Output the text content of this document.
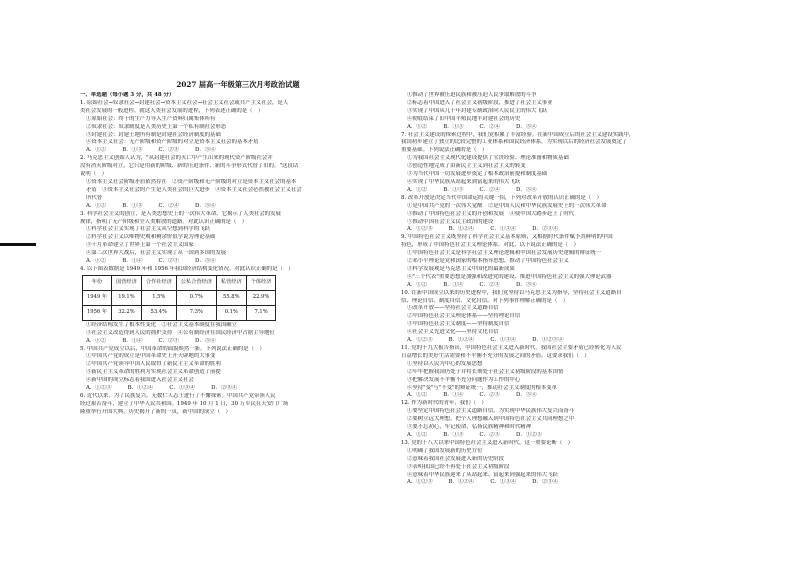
2027 届高一年级第三次月考政治试题
一、单选题（每小题 3 分，共 48 分）
1. 原始社会→奴隶社会→封建社会→资本主义社会→社会主义社会或共产主义社会，是人
类社会发展的一般进程。就这人类社会发展的进程，下列表述正确的是（　）
①原始社会：终于的生产力导入生产资料归属集体所有
②奴隶社会：奴隶制度是人类历史上第一个私有制社会形态
③封建社会：封建土地所有制是封建社会经济制度的基础
④资本主义社会：无产阶级和资产阶级的对立是资本主义社会的基本矛盾
A．①②　　　B．①③　　　C．②③　　　D．③④
2. 马克思主义创始人认为，"从封建社会的灭亡中产生出来的现代资产阶级社会并
没有消灭阶级对立。它只是用新的阶级、新的压迫条件、新的斗争形式代替了旧的。"这段话
说明（　）
①资本主义社会阶级矛盾依然存在　②资产阶级和无产阶级的对立是资本主义社会的基本
矛盾　③资本主义社会的产生是人类社会的巨大进步　④资本主义社会必然被社会主义社会
所代替
A．①②　　　B．①③　　　C．②④　　　D．③④
3. 科学社会主义的创立，是人类思想史上的一次伟大革命。它揭示了人类社会的发展
规律，指明了无产阶级和全人类解放的道路。对此认识正确的是（　）
①科学社会主义实现了社会主义从空想到科学的飞跃
②科学社会主义以唯物史观和剩余价值学说为理论基础
③十月革命建立了世界上第一个社会主义国家
④第二次世界大战后，社会主义实现了从一国到多国的发展
A．①②　　　B．①④　　　C．②③　　　D．③④
4. 以下图表数据是 1949 年和 1956 年我国经济结构变化情况。对此认识正确的是（　）
年份	国营经济	合作社经济	公私合营经济	私营经济	个体经济
1949 年	19.1%	1.5%	0.7%	55.8%	22.9%
1956 年	32.2%	53.4%	7.3%	0.1%	7.1%
①经济结构发生了根本性变化　②社会主义基本制度在我国确立
③社会主义改造得到人民的拥护支持　④公有制经济在国民经济中占据主导地位
A．①②　　　B．①④　　　C．②③　　　D．③④
5. 中国共产党成立以后，中国革命的面貌焕然一新。下列说法正确的是（　）
①中国共产党的成立是中国革命史上开天辟地的大事变
②中国共产党领导中国人民取得了新民主主义革命的胜利
③新民主主义革命的胜利为实现社会主义革命创造了前提
④新中国的成立标志着我国进入社会主义社会
A．①②③　　　B．①②④　　　C．①③④　　　D．②③④
6. 近代以来，为了民族复兴，无数仁人志士进行了不懈探索。中国共产党带领人民
经过艰苦奋斗，建立了中华人民共和国。1949 年 10 月 1 日，30 万军民在天安门广场
隆重举行开国大典，历史揭开了新的一页，新中国的成立（　）
①推动了世界被压迫民族和被压迫人民争取解放的斗争
②标志着中国进入了社会主义初级阶段，推进了社会主义事业
③实现了中国从几千年封建专制政治向人民民主的伟大飞跃
④彻底结束了旧中国半殖民地半封建社会的历史
A．①②　　　B．①③　　　C．②④　　　D．③④
7. 社会主义建设的探索过程中，我们党积累了丰富经验。在新中国成立后的社会主义建设实践中，
我国初步建立了独立的比较完整的工业体系和国民经济体系，为实现以后的经济社会发展奠定了
重要基础。下列说法正确的是（　）
①为我国社会主义现代化建设提供了宝贵经验、理论准备和物质基础
②创造性地完成了由新民主主义到社会主义的转变
③为当代中国一切发展进步奠定了根本政治前提和制度基础
④实现了中华民族从站起来到富起来的伟大飞跃
A．①②　　　B．①③　　　C．②④　　　D．③④
8. 改革开放是决定当代中国命运的关键一招，下列对改革开放的认识正确的是（　）
①是中国共产党的一次伟大觉醒　②是中国人民和中华民族发展史上的一次伟大革命
③推动了中国特色社会主义的开创和发展　④使中国大踏步赶上了时代
⑤推动中国社会主义民主政治的建设
A．①②③　　　B．①②④　　　C．①③④　　　D．②③④
9. 中国特色社会主义既坚持了科学社会主义基本原则，又根据时代条件赋予其鲜明的中国
特色，形成了中国特色社会主义理论体系。对此，以下说法正确的是（　）
①中国特色社会主义是科学社会主义理论逻辑和中国社会发展历史逻辑的辩证统一
②邓小平理论是党和国家的根本指导思想，推动了中国特色社会主义
③科学发展观是马克思主义中国化的最新成果
④"三个代表"重要思想是加强和改进党的建设、推进中国特色社会主义的强大理论武器
A．①②　　　B．①④　　　C．②③　　　D．③④
10. 在新中国成立以来的历史进程中，我们党坚持以马克思主义为指导，坚持社会主义道路自
信、理论自信、制度自信、文化自信。对下列事件理解正确的是（　）
①改革开放——坚持社会主义道路自信
②中国特色社会主义理论体系——坚持理论自信
③中国特色社会主义制度——坚持制度自信
④社会主义先进文化——坚持文化自信
A．①②③　　　B．①②④　　　C．①③④　　　D．①②③④
11. 党的十九大报告指出，中国特色社会主义进入新时代，我国社会主要矛盾已经转化为人民
日益增长的美好生活需要和不平衡不充分的发展之间的矛盾。这要求我们（　）
①坚持以人民为中心的发展思想
②牢牢把握我国仍处于并将长期处于社会主义初级阶段的基本国情
③把解决发展不平衡不充分问题作为工作的中心
④坚持"变"与"不变"的辩证统一，推动社会主义制度的根本变革
A．①②　　　B．①④　　　C．②③　　　D．③④
12. 作为新时代的青年，我们（　）
①要坚定中国特色社会主义道路自信，为实现中华民族伟大复兴而奋斗
②要树立远大理想，把个人理想融入到中国特色社会主义共同理想之中
③要不忘初心，牢记使命，弘扬民族精神和时代精神
A．①②　　　B．①③　　　C．②③　　　D．①②③
13. 党的十八大以来中国特色社会主义进入新时代，这一重要论断（　）
①明确了我国发展新的历史方位
②意味着我国社会发展进入新的历史阶段
③表明我国已经不再处于社会主义初级阶段
④意味着中华民族迎来了从站起来、富起来到强起来的伟大飞跃
A．①②③　　　B．①②④　　　C．①③④　　　D．②③④
